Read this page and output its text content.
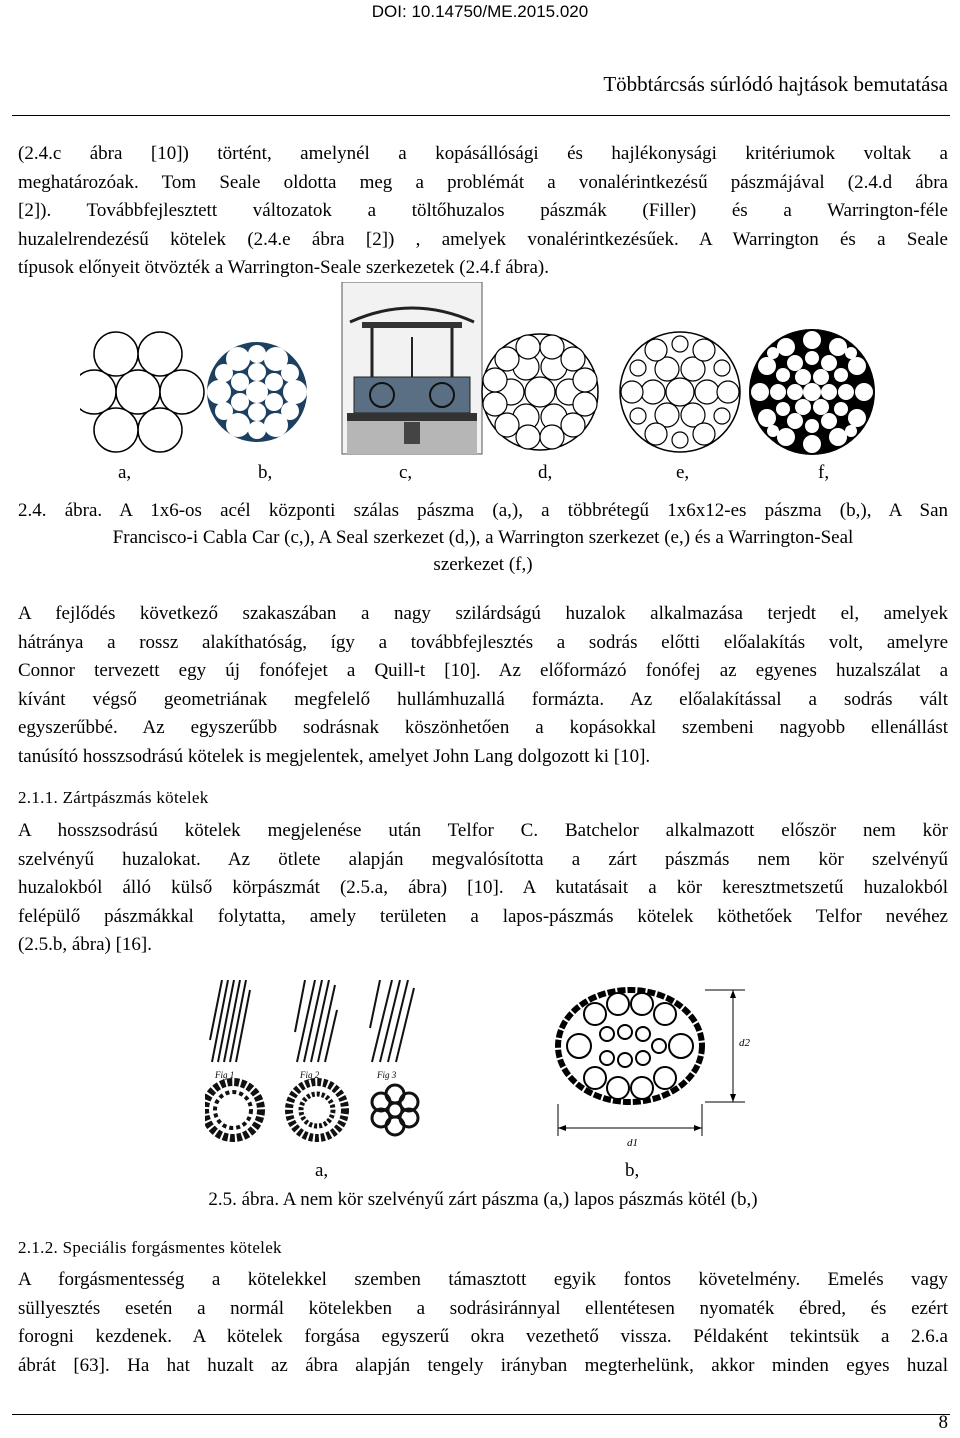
DOI: 10.14750/ME.2015.020
Többtárcsás súrlódó hajtások bemutatása
(2.4.c ábra [10]) történt, amelynél a kopásállósági és hajlékonysági kritériumok voltak a
meghatározóak. Tom Seale oldotta meg a problémát a vonalérintkezésű pászmájával (2.4.d ábra
[2]). Továbbfejlesztett változatok a töltőhuzalos pászmák (Filler) és a Warrington-féle
huzalelrendezésű kötelek (2.4.e ábra [2]) , amelyek vonalérintkezésűek. A Warrington és a Seale
típusok előnyeit ötvözték a Warrington-Seale szerkezetek (2.4.f ábra).
a,	b,	c,	d,	e,	f,
2.4. ábra. A 1x6-os acél központi szálas pászma (a,), a többrétegű 1x6x12-es pászma (b,), A San
Francisco-i Cabla Car (c,), A Seal szerkezet (d,), a Warrington szerkezet (e,) és a Warrington-Seal
szerkezet (f,)
A fejlődés következő szakaszában a nagy szilárdságú huzalok alkalmazása terjedt el, amelyek
hátránya a rossz alakíthatóság, így a továbbfejlesztés a sodrás előtti előalakítás volt, amelyre
Connor tervezett egy új fonófejet a Quill-t [10]. Az előformázó fonófej az egyenes huzalszálat a
kívánt végső geometriának megfelelő hullámhuzallá formázta. Az előalakítással a sodrás vált
egyszerűbbé. Az egyszerűbb sodrásnak köszönhetően a kopásokkal szembeni nagyobb ellenállást
tanúsító hosszsodrású kötelek is megjelentek, amelyet John Lang dolgozott ki [10].
2.1.1. Zártpászmás kötelek
A hosszsodrású kötelek megjelenése után Telfor C. Batchelor alkalmazott először nem kör
szelvényű huzalokat. Az ötlete alapján megvalósította a zárt pászmás nem kör szelvényű
huzalokból álló külső körpászmát (2.5.a, ábra) [10]. A kutatásait a kör keresztmetszetű huzalokból
felépülő pászmákkal folytatta, amely területen a lapos-pászmás kötelek köthetőek Telfor nevéhez
(2.5.b, ábra) [16].
Fig 1	Fig 2	Fig 3
d2
d1
a,	b,
2.5. ábra. A nem kör szelvényű zárt pászma (a,) lapos pászmás kötél (b,)
2.1.2. Speciális forgásmentes kötelek
A forgásmentesség a kötelekkel szemben támasztott egyik fontos követelmény. Emelés vagy
süllyesztés esetén a normál kötelekben a sodrásiránnyal ellentétesen nyomaték ébred, és ezért
forogni kezdenek. A kötelek forgása egyszerű okra vezethető vissza. Példaként tekintsük a 2.6.a
ábrát [63]. Ha hat huzalt az ábra alapján tengely irányban megterhelünk, akkor minden egyes huzal
8
